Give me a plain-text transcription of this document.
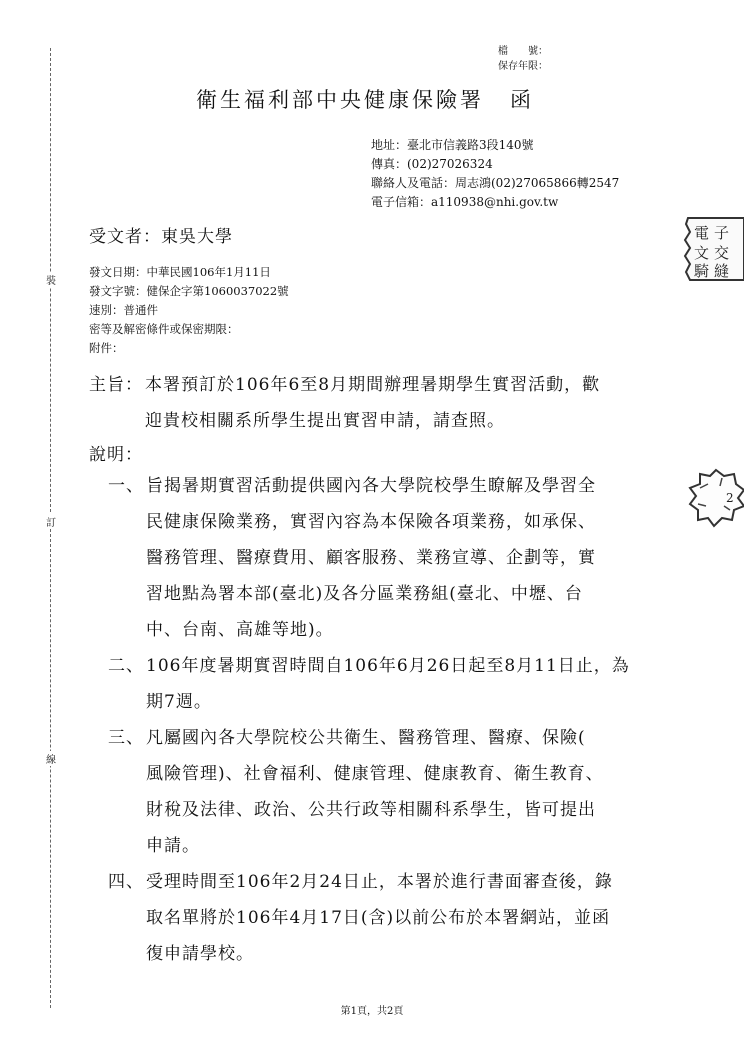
裝
訂
線
檔　　號：
保存年限：
衛生福利部中央健康保險署 函
地址：臺北市信義路3段140號
傳真：(02)27026324
聯絡人及電話：周志鴻(02)27065866轉2547
電子信箱：a110938@nhi.gov.tw
受文者：東吳大學
發文日期：中華民國106年1月11日
發文字號：健保企字第1060037022號
速別：普通件
密等及解密條件或保密期限：
附件：
主旨： 本署預訂於106年6至8月期間辦理暑期學生實習活動，歡
迎貴校相關系所學生提出實習申請，請查照。
說明：
一、 旨揭暑期實習活動提供國內各大學院校學生瞭解及學習全
民健康保險業務，實習內容為本保險各項業務，如承保、
醫務管理、醫療費用、顧客服務、業務宣導、企劃等，實
習地點為署本部(臺北)及各分區業務組(臺北、中壢、台
中、台南、高雄等地)。
二、 106年度暑期實習時間自106年6月26日起至8月11日止，為
期7週。
三、 凡屬國內各大學院校公共衛生、醫務管理、醫療、保險(
風險管理)、社會福利、健康管理、健康教育、衛生教育、
財稅及法律、政治、公共行政等相關科系學生，皆可提出
申請。
四、 受理時間至106年2月24日止，本署於進行書面審查後，錄
取名單將於106年4月17日(含)以前公布於本署網站，並函
復申請學校。
電 子
文 交
騎 縫
2
第1頁，共2頁
